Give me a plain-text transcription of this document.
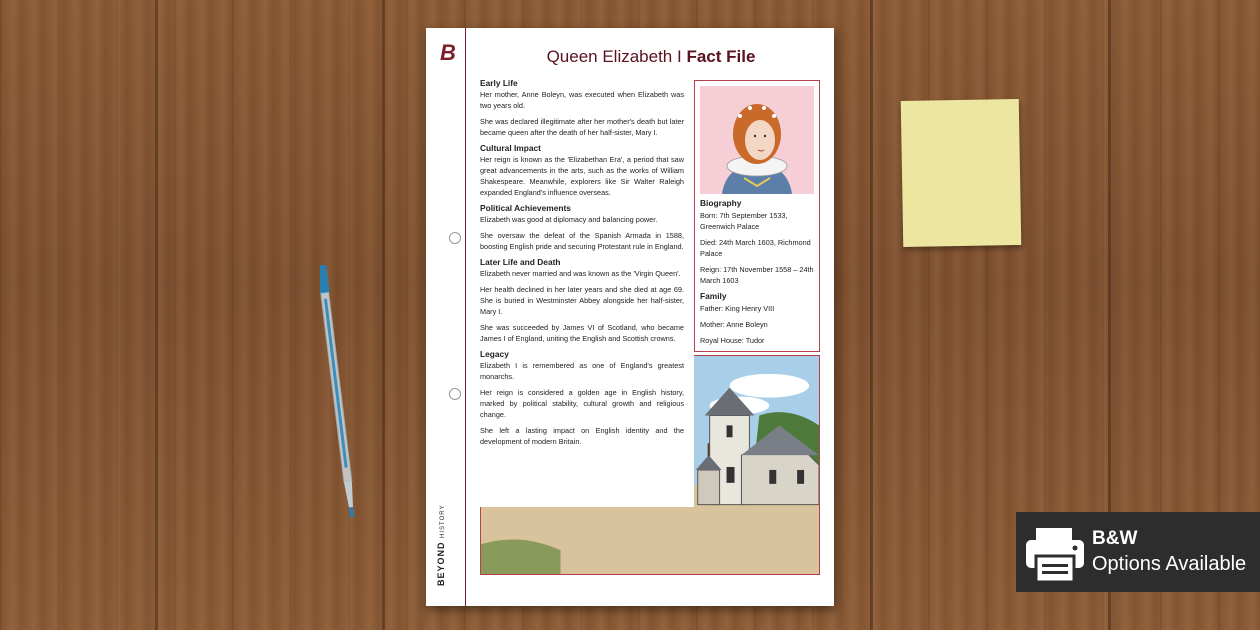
B
BEYOND HISTORY
Queen Elizabeth I Fact File
Biography

Born: 7th September 1533, Greenwich Palace

Died: 24th March 1603, Richmond Palace

Reign: 17th November 1558 – 24th March 1603

Family

Father: King Henry VIII

Mother: Anne Boleyn

Royal House: Tudor

Early Life

Her mother, Anne Boleyn, was executed when Elizabeth was two years old.

She was declared illegitimate after her mother's death but later became queen after the death of her half-sister, Mary I.

Cultural Impact

Her reign is known as the 'Elizabethan Era', a period that saw great advancements in the arts, such as the works of William Shakespeare. Meanwhile, explorers like Sir Walter Raleigh expanded England's influence overseas.

Political Achievements

Elizabeth was good at diplomacy and balancing power.

She oversaw the defeat of the Spanish Armada in 1588, boosting English pride and securing Protestant rule in England.

Later Life and Death

Elizabeth never married and was known as the 'Virgin Queen'.

Her health declined in her later years and she died at age 69. She is buried in Westminster Abbey alongside her half-sister, Mary I.

She was succeeded by James VI of Scotland, who became James I of England, uniting the English and Scottish crowns.

Legacy

Elizabeth I is remembered as one of England's greatest monarchs.

Her reign is considered a golden age in English history, marked by political stability, cultural growth and religious change.

She left a lasting impact on English identity and the development of modern Britain.

B&W
Options Available
